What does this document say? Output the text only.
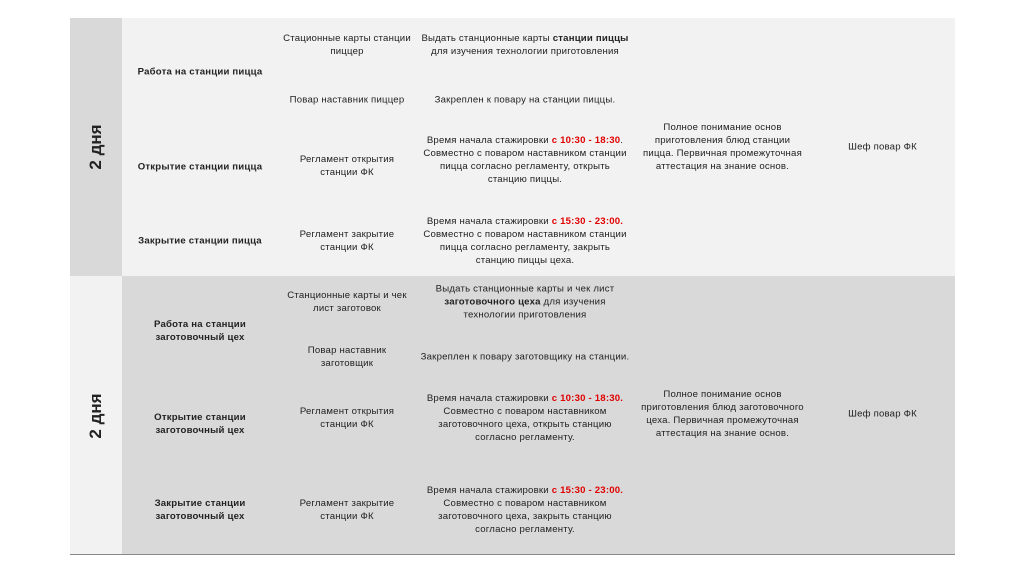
2 дня
Работа на станции пицца
Открытие станции пицца
Закрытие станции пицца
Стационные карты станции пиццер
Повар наставник пиццер
Регламент открытия станции ФК
Регламент закрытие станции ФК
Выдать станционные карты станции пиццы для изучения технологии приготовления
Закреплен к повару на станции пиццы.
Время начала стажировки с 10:30 - 18:30. Совместно с поваром наставником станции пицца согласно регламенту, открыть станцию пиццы.
Время начала стажировки с 15:30 - 23:00. Совместно с поваром наставником станции пицца согласно регламенту, закрыть станцию пиццы цеха.
Полное понимание основ приготовления блюд станции пицца. Первичная промежуточная аттестация на знание основ.
Шеф повар ФК
2 дня
Работа на станции заготовочный цех
Открытие станции заготовочный цех
Закрытие станции заготовочный цех
Станционные карты и чек лист заготовок
Повар наставник заготовщик
Регламент открытия станции ФК
Регламент закрытие станции ФК
Выдать станционные карты и чек лист заготовочного цеха для изучения технологии приготовления
Закреплен к повару заготовщику на станции.
Время начала стажировки с 10:30 - 18:30. Совместно с поваром наставником заготовочного цеха, открыть станцию согласно регламенту.
Время начала стажировки с 15:30 - 23:00. Совместно с поваром наставником заготовочного цеха, закрыть станцию согласно регламенту.
Полное понимание основ приготовления блюд заготовочного цеха. Первичная промежуточная аттестация на знание основ.
Шеф повар ФК
